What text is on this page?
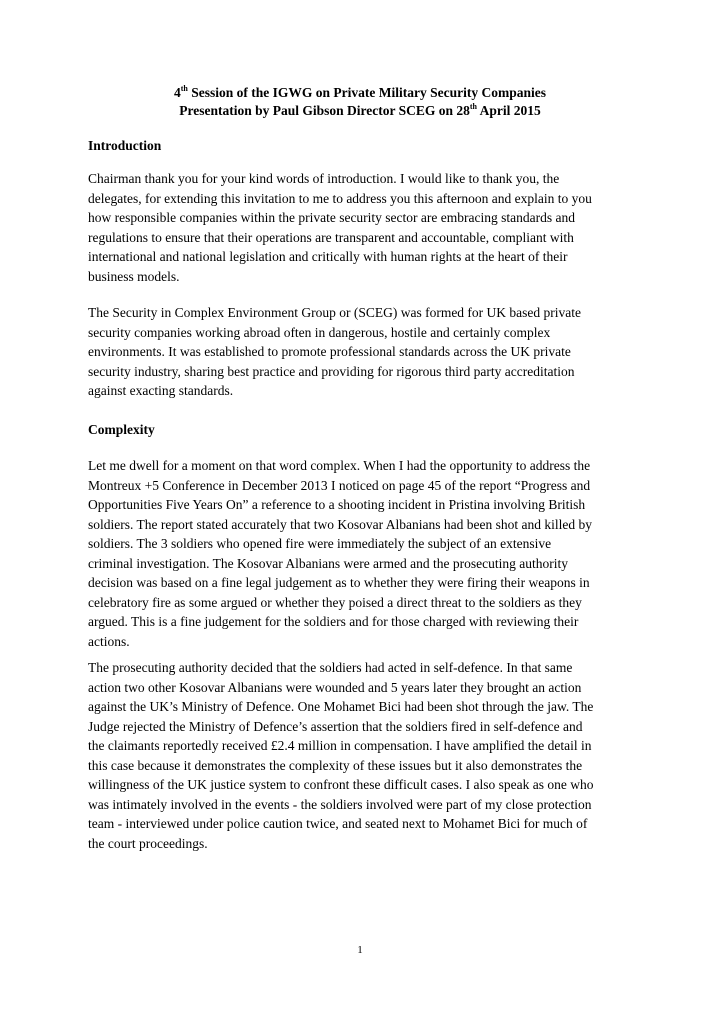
4th Session of the IGWG on Private Military Security Companies
Presentation by Paul Gibson Director SCEG on 28th April 2015
Introduction
Chairman thank you for your kind words of introduction. I would like to thank you, the
delegates, for extending this invitation to me to address you this afternoon and explain to you
how responsible companies within the private security sector are embracing standards and
regulations to ensure that their operations are transparent and accountable, compliant with
international and national legislation and critically with human rights at the heart of their
business models.
The Security in Complex Environment Group or (SCEG) was formed for UK based private
security companies working abroad often in dangerous, hostile and certainly complex
environments. It was established to promote professional standards across the UK private
security industry, sharing best practice and providing for rigorous third party accreditation
against exacting standards.
Complexity
Let me dwell for a moment on that word complex. When I had the opportunity to address the
Montreux +5 Conference in December 2013 I noticed on page 45 of the report “Progress and
Opportunities Five Years On” a reference to a shooting incident in Pristina involving British
soldiers. The report stated accurately that two Kosovar Albanians had been shot and killed by
soldiers. The 3 soldiers who opened fire were immediately the subject of an extensive
criminal investigation. The Kosovar Albanians were armed and the prosecuting authority
decision was based on a fine legal judgement as to whether they were firing their weapons in
celebratory fire as some argued or whether they poised a direct threat to the soldiers as they
argued. This is a fine judgement for the soldiers and for those charged with reviewing their
actions.
The prosecuting authority decided that the soldiers had acted in self-defence. In that same
action two other Kosovar Albanians were wounded and 5 years later they brought an action
against the UK’s Ministry of Defence. One Mohamet Bici had been shot through the jaw. The
Judge rejected the Ministry of Defence’s assertion that the soldiers fired in self-defence and
the claimants reportedly received £2.4 million in compensation. I have amplified the detail in
this case because it demonstrates the complexity of these issues but it also demonstrates the
willingness of the UK justice system to confront these difficult cases. I also speak as one who
was intimately involved in the events - the soldiers involved were part of my close protection
team - interviewed under police caution twice, and seated next to Mohamet Bici for much of
the court proceedings.
1
